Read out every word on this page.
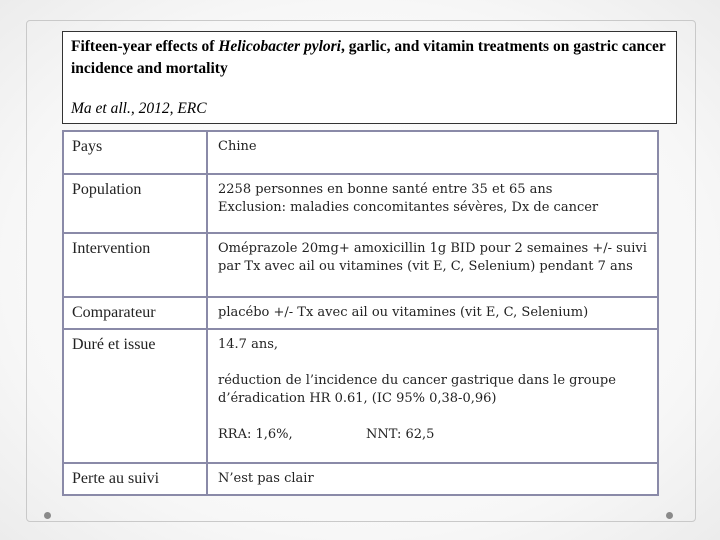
Fifteen-year effects of Helicobacter pylori, garlic, and vitamin treatments on gastric cancer incidence and mortality

Ma et all., 2012, ERC

Pays	Chine
Population	2258 personnes en bonne santé entre 35 et 65 ans

Exclusion: maladies concomitantes sévères, Dx de cancer

Intervention	Oméprazole 20mg+ amoxicillin 1g BID pour 2 semaines +/- suivi par Tx avec ail ou vitamines (vit E, C, Selenium) pendant 7 ans
Comparateur	placébo +/- Tx avec ail ou vitamines (vit E, C, Selenium)
Duré et issue	14.7 ans,

réduction de l’incidence du cancer gastrique dans le groupe d’éradication HR 0.61, (IC 95% 0,38-0,96)

RRA: 1,6%, NNT: 62,5

Perte au suivi	N’est pas clair
